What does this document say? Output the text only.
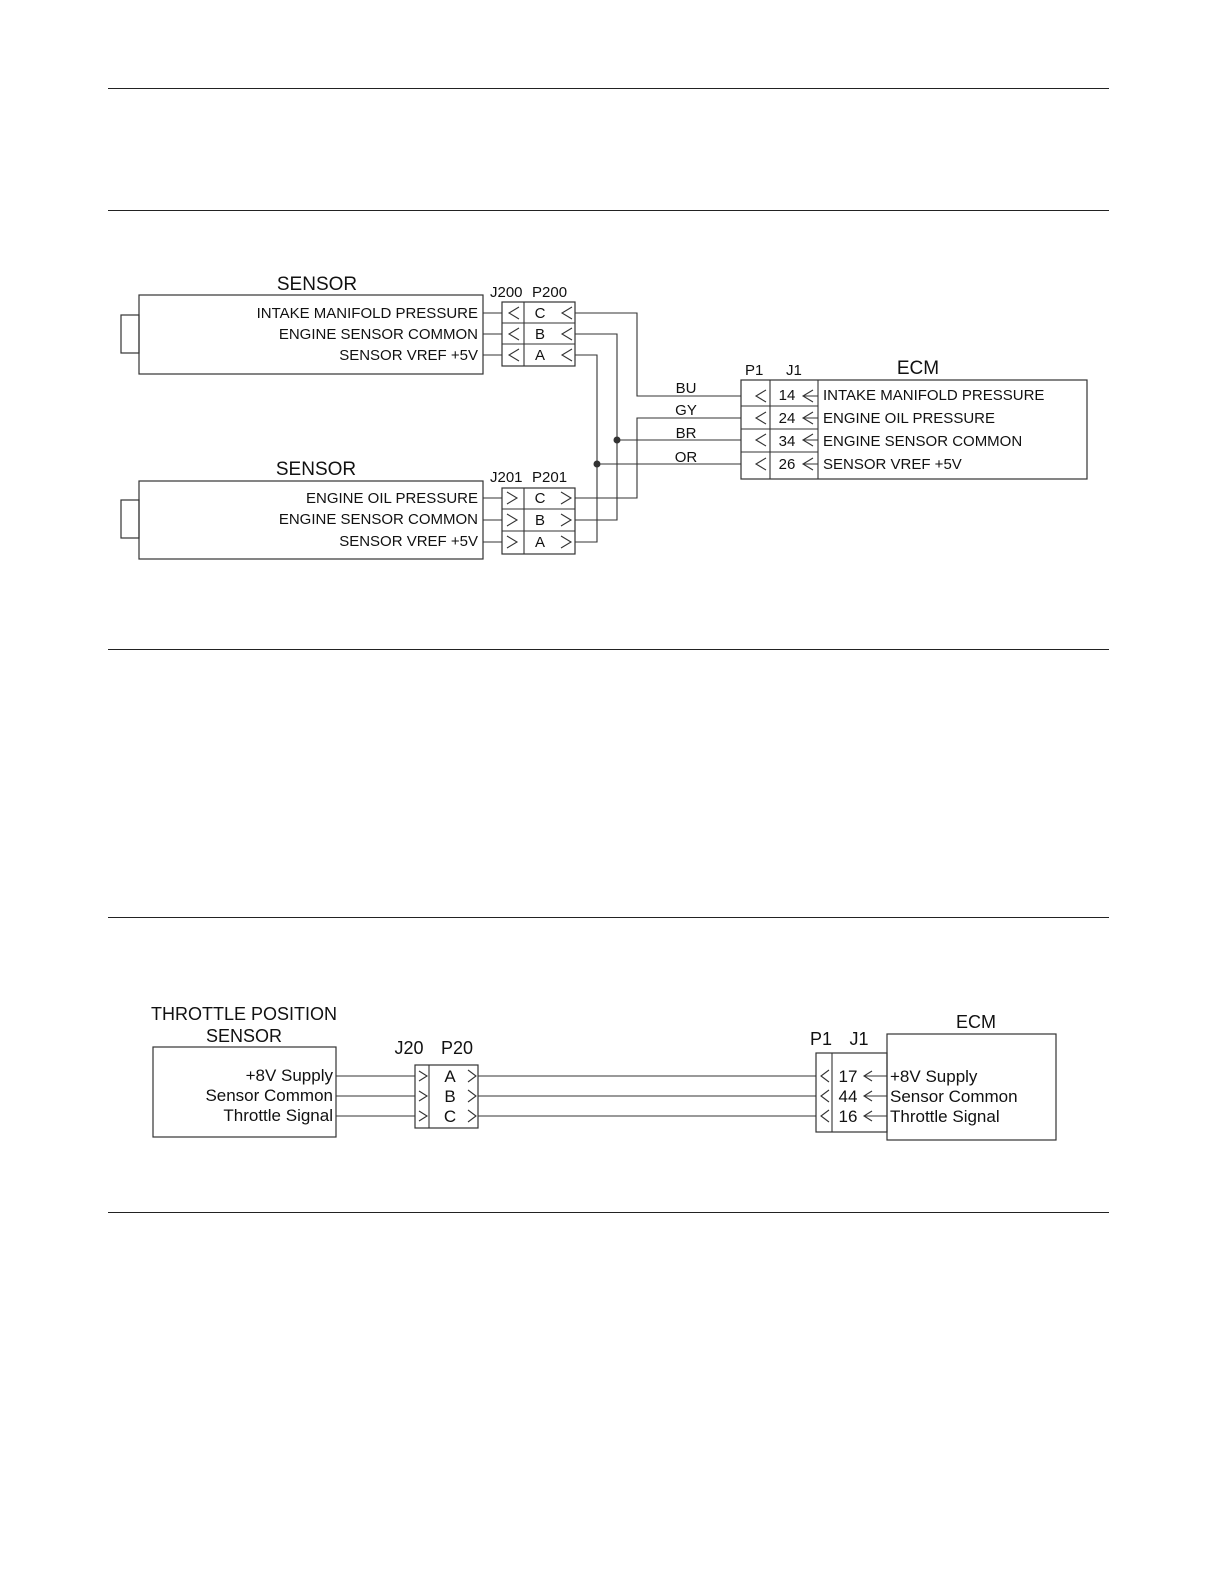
SENSOR
INTAKE MANIFOLD PRESSURE
ENGINE SENSOR COMMON
SENSOR VREF +5V
J200 P200
C
B
A
SENSOR
ENGINE OIL PRESSURE
ENGINE SENSOR COMMON
SENSOR VREF +5V
J201 P201
C
B
A
BU
GY
BR
OR
ECM
P1 J1
14
24
34
26
INTAKE MANIFOLD PRESSURE
ENGINE OIL PRESSURE
ENGINE SENSOR COMMON
SENSOR VREF +5V
THROTTLE POSITION
SENSOR
+8V Supply
Sensor Common
Throttle Signal
J20 P20
A
B
C
ECM
P1 J1
17
44
16
+8V Supply
Sensor Common
Throttle Signal
